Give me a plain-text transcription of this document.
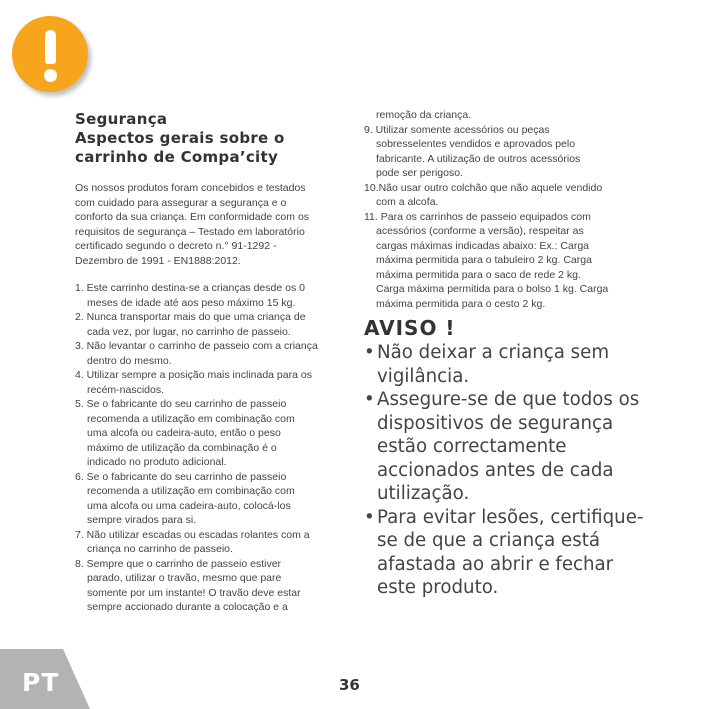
Segurança
Aspectos gerais sobre o
carrinho de Compa’city
Os nossos produtos foram concebidos e testados
com cuidado para assegurar a segurança e o
conforto da sua criança. Em conformidade com os
requisitos de segurança – Testado em laboratório
certificado segundo o decreto n.° 91-1292 -
Dezembro de 1991 - EN1888:2012.
1. Este carrinho destina-se a crianças desde os 0
meses de idade até aos peso máximo 15 kg.
2. Nunca transportar mais do que uma criança de
cada vez, por lugar, no carrinho de passeio.
3. Não levantar o carrinho de passeio com a criança
dentro do mesmo.
4. Utilizar sempre a posição mais inclinada para os
recém-nascidos.
5. Se o fabricante do seu carrinho de passeio
recomenda a utilização em combinação com
uma alcofa ou cadeira-auto, então o peso
máximo de utilização da combinação é o
indicado no produto adicional.
6. Se o fabricante do seu carrinho de passeio
recomenda a utilização em combinação com
uma alcofa ou uma cadeira-auto, colocá-los
sempre virados para si.
7. Não utilizar escadas ou escadas rolantes com a
criança no carrinho de passeio.
8. Sempre que o carrinho de passeio estiver
parado, utilizar o travão, mesmo que pare
somente por um instante! O travão deve estar
sempre accionado durante a colocação e a
remoção da criança.
9. Utilizar somente acessórios ou peças
sobresselentes vendidos e aprovados pelo
fabricante. A utilização de outros acessórios
pode ser perigoso.
10.Não usar outro colchão que não aquele vendido
com a alcofa.
11. Para os carrinhos de passeio equipados com
acessórios (conforme a versão), respeitar as
cargas máximas indicadas abaixo: Ex.: Carga
máxima permitida para o tabuleiro 2 kg. Carga
máxima permitida para o saco de rede 2 kg.
Carga máxima permitida para o bolso 1 kg. Carga
máxima permitida para o cesto 2 kg.
AVISO !
• Não deixar a criança sem
vigilância.
• Assegure-se de que todos os
dispositivos de segurança
estão correctamente
accionados antes de cada
utilização.
• Para evitar lesões, certifique-
se de que a criança está
afastada ao abrir e fechar
este produto.
PT	36
